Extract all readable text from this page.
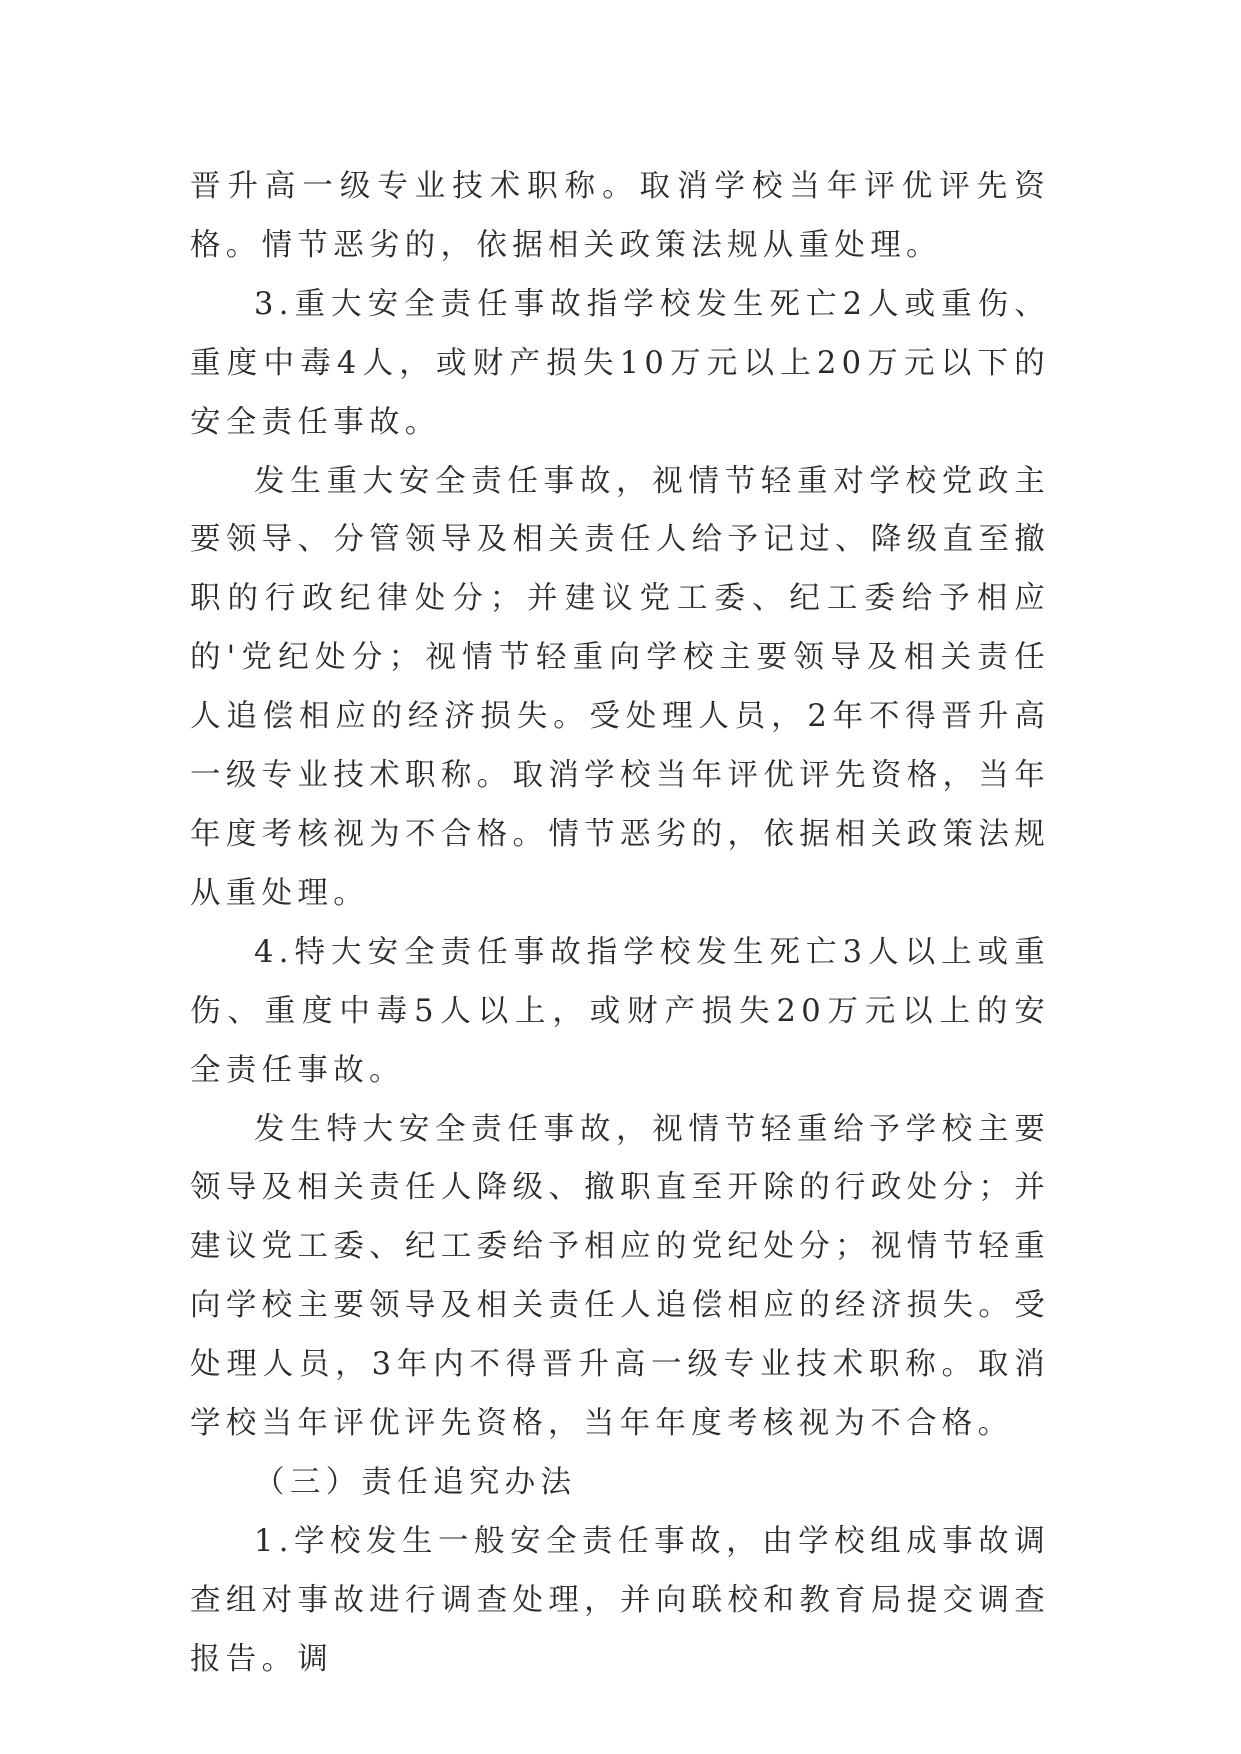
晋升高一级专业技术职称。取消学校当年评优评先资格。情节恶劣的，依据相关政策法规从重处理。

3.重大安全责任事故指学校发生死亡2人或重伤、重度中毒4人，或财产损失10万元以上20万元以下的安全责任事故。

发生重大安全责任事故，视情节轻重对学校党政主要领导、分管领导及相关责任人给予记过、降级直至撤职的行政纪律处分；并建议党工委、纪工委给予相应的'党纪处分；视情节轻重向学校主要领导及相关责任人追偿相应的经济损失。受处理人员，2年不得晋升高一级专业技术职称。取消学校当年评优评先资格，当年年度考核视为不合格。情节恶劣的，依据相关政策法规从重处理。

4.特大安全责任事故指学校发生死亡3人以上或重伤、重度中毒5人以上，或财产损失20万元以上的安全责任事故。

发生特大安全责任事故，视情节轻重给予学校主要领导及相关责任人降级、撤职直至开除的行政处分；并建议党工委、纪工委给予相应的党纪处分；视情节轻重向学校主要领导及相关责任人追偿相应的经济损失。受处理人员，3年内不得晋升高一级专业技术职称。取消学校当年评优评先资格，当年年度考核视为不合格。

（三）责任追究办法

1.学校发生一般安全责任事故，由学校组成事故调查组对事故进行调查处理，并向联校和教育局提交调查报告。调
